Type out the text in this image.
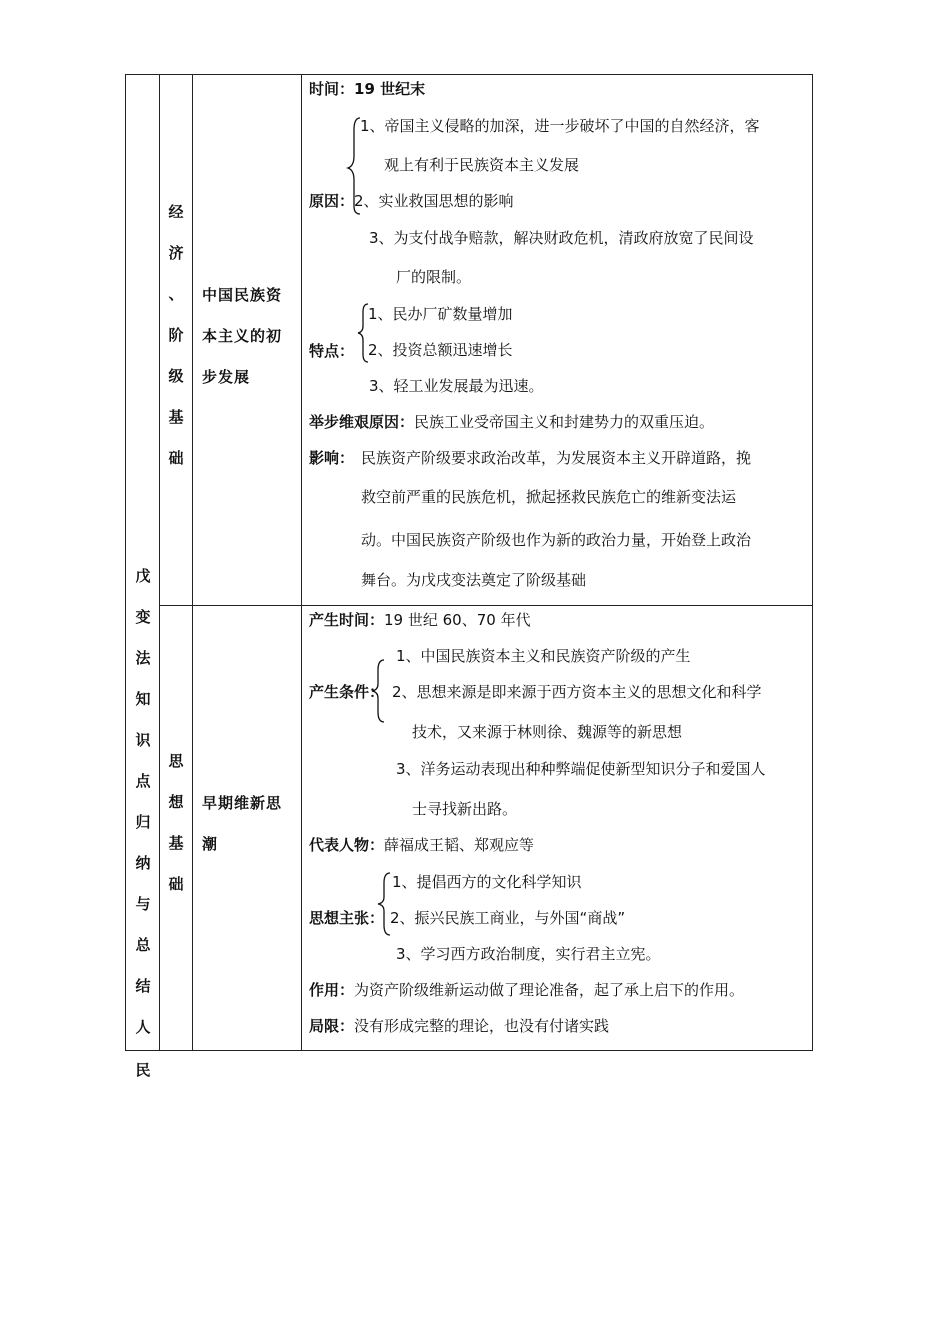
戊
变
法
知
识
点
归
纳
与
总
结
人
民
经
济
、
阶
级
基
础
中国民族资
本主义的初
步发展
时间：19 世纪末
1、帝国主义侵略的加深，进一步破坏了中国的自然经济，客
观上有利于民族资本主义发展
原因：2、实业救国思想的影响
3、为支付战争赔款，解决财政危机，清政府放宽了民间设
厂的限制。
1、民办厂矿数量增加
特点： 2、投资总额迅速增长
3、轻工业发展最为迅速。
举步维艰原因：民族工业受帝国主义和封建势力的双重压迫。
影响： 民族资产阶级要求政治改革，为发展资本主义开辟道路，挽
救空前严重的民族危机，掀起拯救民族危亡的维新变法运
动。中国民族资产阶级也作为新的政治力量，开始登上政治
舞台。为戊戌变法奠定了阶级基础
思
想
基
础
早期维新思
潮
产生时间：19 世纪 60、70 年代
1、中国民族资本主义和民族资产阶级的产生
产生条件： 2、思想来源是即来源于西方资本主义的思想文化和科学
技术，又来源于林则徐、魏源等的新思想
3、洋务运动表现出种种弊端促使新型知识分子和爱国人
士寻找新出路。
代表人物：薛福成王韬、郑观应等
1、提倡西方的文化科学知识
思想主张： 2、振兴民族工商业，与外国“商战”
3、学习西方政治制度，实行君主立宪。
作用：为资产阶级维新运动做了理论准备，起了承上启下的作用。
局限：没有形成完整的理论，也没有付诸实践
